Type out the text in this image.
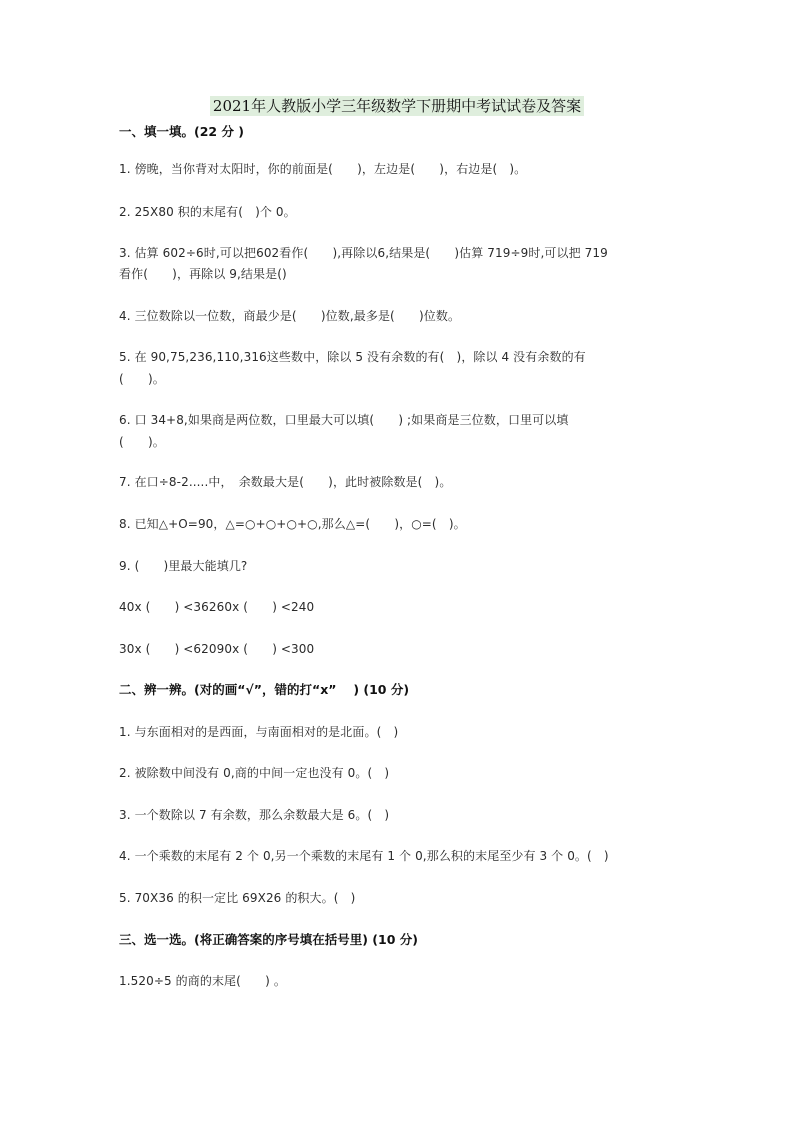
2021年人教版小学三年级数学下册期中考试试卷及答案
一、填一填。(22 分 )
1. 傍晚，当你背对太阳时，你的前面是(　　)，左边是(　　)，右边是(　)。
2. 25X80 积的末尾有(　)个 0。
3. 估算 602÷6时,可以把602看作(　　),再除以6,结果是(　　)估算 719÷9时,可以把 719
看作(　　)，再除以 9,结果是()
4. 三位数除以一位数，商最少是(　　)位数,最多是(　　)位数。
5. 在 90,75,236,110,316这些数中，除以 5 没有余数的有(　)，除以 4 没有余数的有
(　　)。
6. 口 34+8,如果商是两位数，口里最大可以填(　　) ;如果商是三位数，口里可以填
(　　)。
7. 在口÷8-2.....中，　余数最大是(　　)，此时被除数是(　)。
8. 已知△+O=90，△=○+○+○+○,那么△=(　　)，○=(　)。
9. (　　)里最大能填几?
40x (　　) <36260x (　　) <240
30x (　　) <62090x (　　) <300
二、辨一辨。(对的画“√”，错的打“x”　 ) (10 分)
1. 与东面相对的是西面，与南面相对的是北面。(　)
2. 被除数中间没有 0,商的中间一定也没有 0。(　)
3. 一个数除以 7 有余数，那么余数最大是 6。(　)
4. 一个乘数的末尾有 2 个 0,另一个乘数的末尾有 1 个 0,那么积的末尾至少有 3 个 0。(　)
5. 70X36 的积一定比 69X26 的积大。(　)
三、选一选。(将正确答案的序号填在括号里) (10 分)
1.520÷5 的商的末尾(　　) 。
